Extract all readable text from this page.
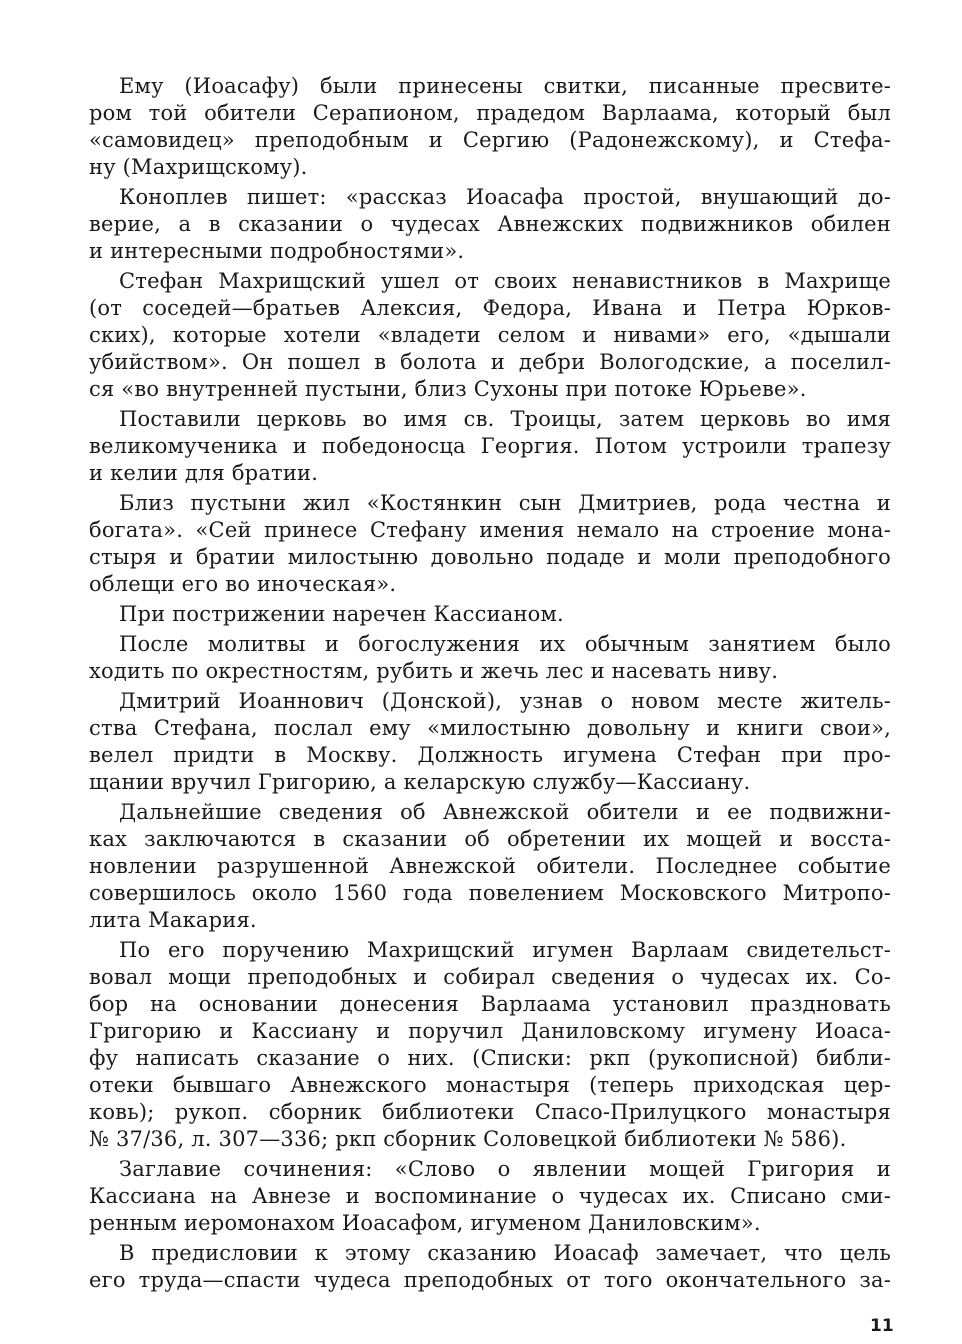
Ему (Иоасафу) были принесены свитки, писанные пресвите-
ром той обители Серапионом, прадедом Варлаама, который был
«самовидец» преподобным и Сергию (Радонежскому), и Стефа-
ну (Махрищскому).
Коноплев пишет: «рассказ Иоасафа простой, внушающий до-
верие, а в сказании о чудесах Авнежских подвижников обилен
и интересными подробностями».
Стефан Махрищский ушел от своих ненавистников в Махрище
(от соседей—братьев Алексия, Федора, Ивана и Петра Юрков-
ских), которые хотели «владети селом и нивами» его, «дышали
убийством». Он пошел в болота и дебри Вологодские, а поселил-
ся «во внутренней пустыни, близ Сухоны при потоке Юрьеве».
Поставили церковь во имя св. Троицы, затем церковь во имя
великомученика и победоносца Георгия. Потом устроили трапезу
и келии для братии.
Близ пустыни жил «Костянкин сын Дмитриев, рода честна и
богата». «Сей принесе Стефану имения немало на строение мона-
стыря и братии милостыню довольно подаде и моли преподобного
облещи его во иноческая».
При пострижении наречен Кассианом.
После молитвы и богослужения их обычным занятием было
ходить по окрестностям, рубить и жечь лес и насевать ниву.
Дмитрий Иоаннович (Донской), узнав о новом месте житель-
ства Стефана, послал ему «милостыню довольну и книги свои»,
велел придти в Москву. Должность игумена Стефан при про-
щании вручил Григорию, а келарскую службу—Кассиану.
Дальнейшие сведения об Авнежской обители и ее подвижни-
ках заключаются в сказании об обретении их мощей и восста-
новлении разрушенной Авнежской обители. Последнее событие
совершилось около 1560 года повелением Московского Митропо-
лита Макария.
По его поручению Махрищский игумен Варлаам свидетельст-
вовал мощи преподобных и собирал сведения о чудесах их. Со-
бор на основании донесения Варлаама установил праздновать
Григорию и Кассиану и поручил Даниловскому игумену Иоаса-
фу написать сказание о них. (Списки: ркп (рукописной) библи-
отеки бывшаго Авнежского монастыря (теперь приходская цер-
ковь); рукоп. сборник библиотеки Спасо-Прилуцкого монастыря
№ 37/36, л. 307—336; ркп сборник Соловецкой библиотеки № 586).
Заглавие сочинения: «Слово о явлении мощей Григория и
Кассиана на Авнезе и воспоминание о чудесах их. Списано сми-
ренным иеромонахом Иоасафом, игуменом Даниловским».
В предисловии к этому сказанию Иоасаф замечает, что цель
его труда—спасти чудеса преподобных от того окончательного за-
11
